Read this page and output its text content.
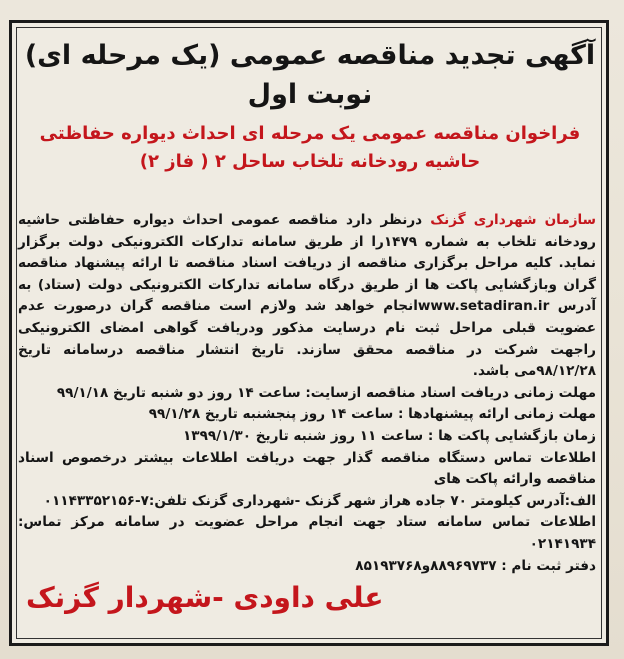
آگهی تجدید مناقصه عمومی (یک مرحله ای)
نوبت اول

فراخوان مناقصه عمومی یک مرحله ای احداث دیواره حفاظتی حاشیه رودخانه تلخاب ساحل ۲ ( فاز ۲)

سازمان شهرداری گزنک درنظر دارد مناقصه عمومی احداث دیواره حفاظتی حاشیه رودخانه تلخاب به شماره ۱۴۷۹را از طریق سامانه تدارکات الکترونیکی دولت برگزار نماید. کلیه مراحل برگزاری مناقصه از دریافت اسناد مناقصه تا ارائه پیشنهاد مناقصه گران وبازگشایی پاکت ها از طریق درگاه سامانه تدارکات الکترونیکی دولت (ستاد) به آدرس www.setadiran.irانجام خواهد شد ولازم است مناقصه گران درصورت عدم عضویت قبلی مراحل ثبت نام درسایت مذکور ودریافت گواهی امضای الکترونیکی راجهت شرکت در مناقصه محقق سازند. تاریخ انتشار مناقصه درسامانه تاریخ ۹۸/۱۲/۲۸می باشد.

مهلت زمانی دریافت اسناد مناقصه ازسایت: ساعت ۱۴ روز دو شنبه تاریخ ۹۹/۱/۱۸

مهلت زمانی ارائه پیشنهادها : ساعت ۱۴ روز پنجشنبه تاریخ ۹۹/۱/۲۸

زمان بازگشایی پاکت ها : ساعت ۱۱ روز شنبه تاریخ ۱۳۹۹/۱/۳۰

اطلاعات تماس دستگاه مناقصه گذار جهت دریافت اطلاعات بیشتر درخصوص اسناد مناقصه وارائه پاکت های

الف:آدرس کیلومتر ۷۰ جاده هراز شهر گزنک -شهرداری گزنک تلفن:۷-۰۱۱۴۳۳۵۲۱۵۶

اطلاعات تماس سامانه ستاد جهت انجام مراحل عضویت در سامانه مرکز تماس: ۰۲۱۴۱۹۳۴

دفتر ثبت نام : ۸۸۹۶۹۷۳۷و۸۵۱۹۳۷۶۸

علی داودی -شهردار گزنک
